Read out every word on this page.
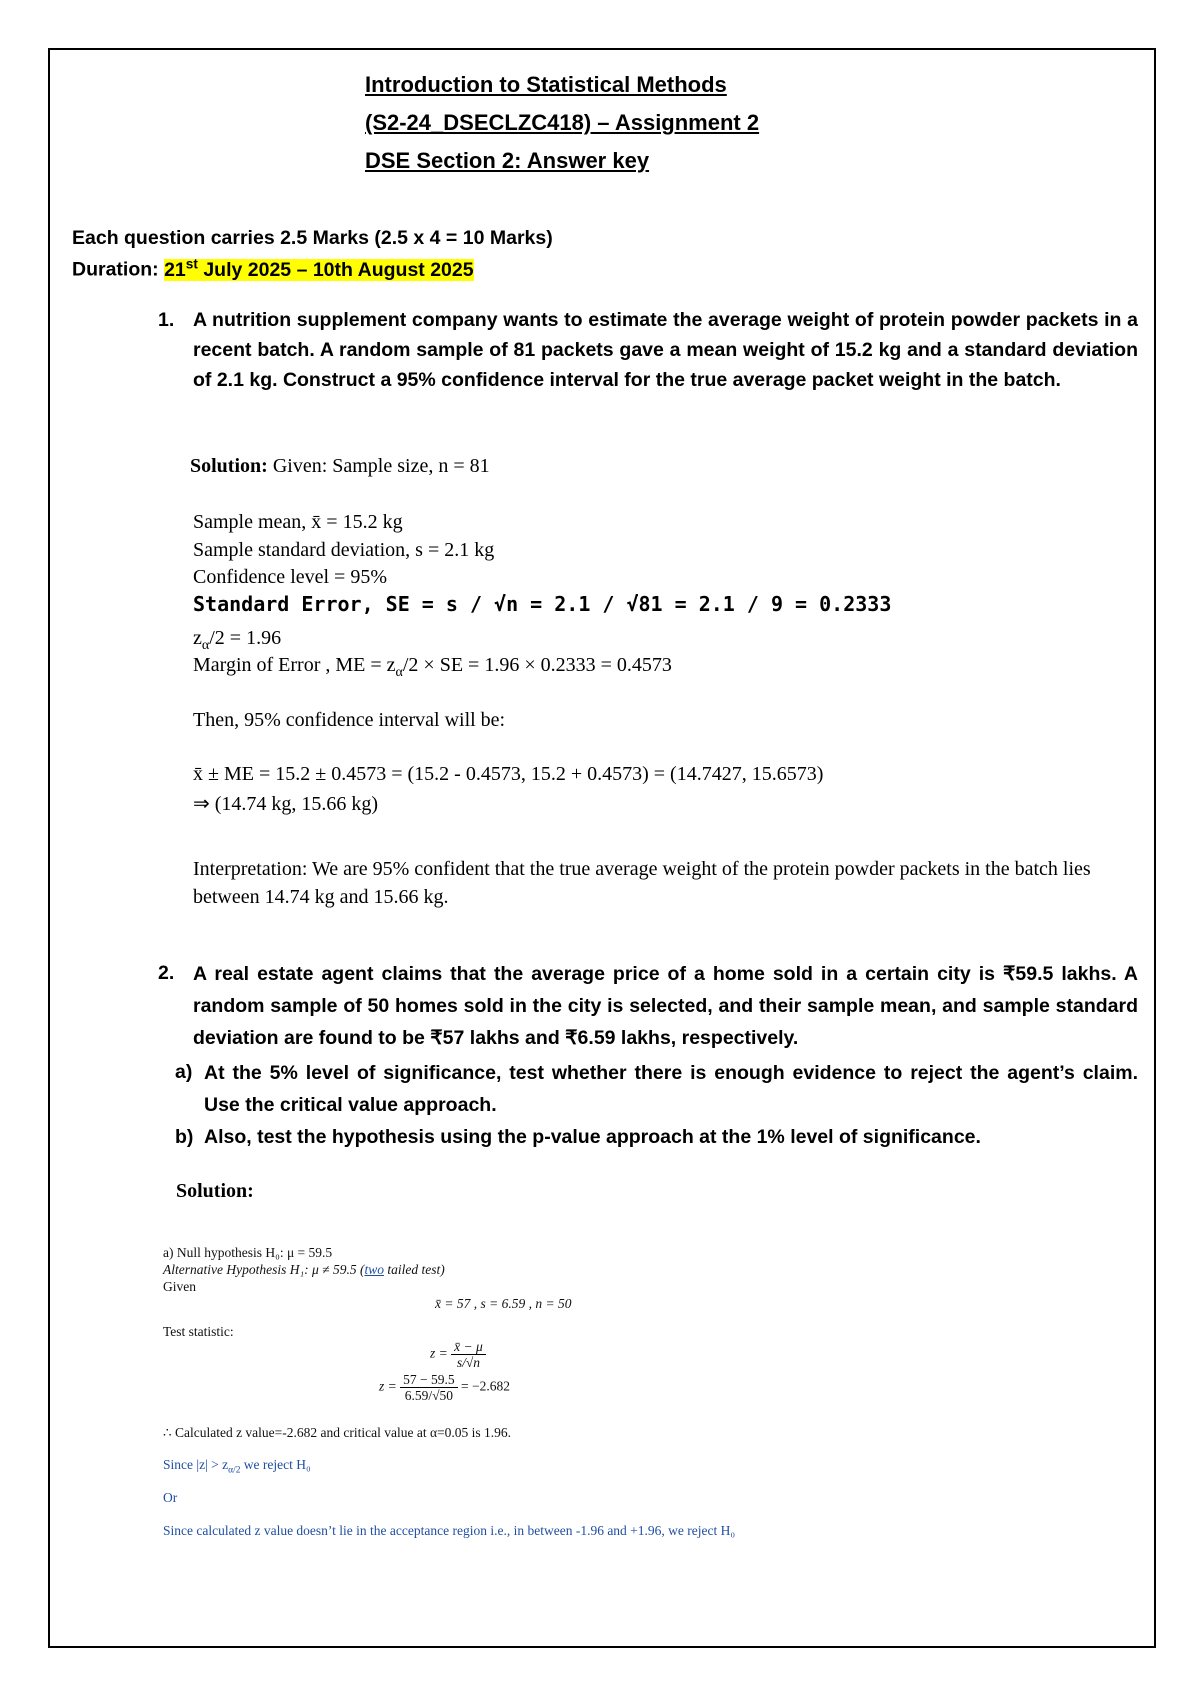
Introduction to Statistical Methods
(S2-24_DSECLZC418) – Assignment 2
DSE Section 2: Answer key
Each question carries 2.5 Marks (2.5 x 4 = 10 Marks)
Duration: 21st July 2025 – 10th August 2025
1. A nutrition supplement company wants to estimate the average weight of protein powder packets in a recent batch. A random sample of 81 packets gave a mean weight of 15.2 kg and a standard deviation of 2.1 kg. Construct a 95% confidence interval for the true average packet weight in the batch.
Solution: Given: Sample size, n = 81
Sample mean, x̄ = 15.2 kg
Sample standard deviation, s = 2.1 kg
Confidence level = 95%
Standard Error, SE = s / √n = 2.1 / √81 = 2.1 / 9 = 0.2333
$z_\alpha/2 = 1.96$
Margin of Error , ME = $z_\alpha/2$ × SE = 1.96 × 0.2333 = 0.4573
Then, 95% confidence interval will be:
x̄ ± ME = 15.2 ± 0.4573 = (15.2 - 0.4573, 15.2 + 0.4573) = (14.7427, 15.6573)
⇒ (14.74 kg, 15.66 kg)
Interpretation: We are 95% confident that the true average weight of the protein powder packets in the batch lies between 14.74 kg and 15.66 kg.
2. A real estate agent claims that the average price of a home sold in a certain city is ₹59.5 lakhs. A random sample of 50 homes sold in the city is selected, and their sample mean, and sample standard deviation are found to be ₹57 lakhs and ₹6.59 lakhs, respectively.
a) At the 5% level of significance, test whether there is enough evidence to reject the agent’s claim. Use the critical value approach.
b) Also, test the hypothesis using the p-value approach at the 1% level of significance.
Solution:
a) Null hypothesis H₀: μ = 59.5
Alternative Hypothesis H₁: μ ≠ 59.5 (two tailed test)
Given
x̄ = 57 , s = 6.59 , n = 50
Test statistic:
$z = \frac{x̄ - \mu}{s/√n}$
$z = \frac{57 - 59.5}{6.59/√50} = -2.682$
∴ Calculated z value=-2.682 and critical value at α=0.05 is 1.96.
Since $|z| > z_{\alpha/2}$ we reject H₀
Or
Since calculated z value doesn’t lie in the acceptance region i.e., in between -1.96 and +1.96, we reject H₀
